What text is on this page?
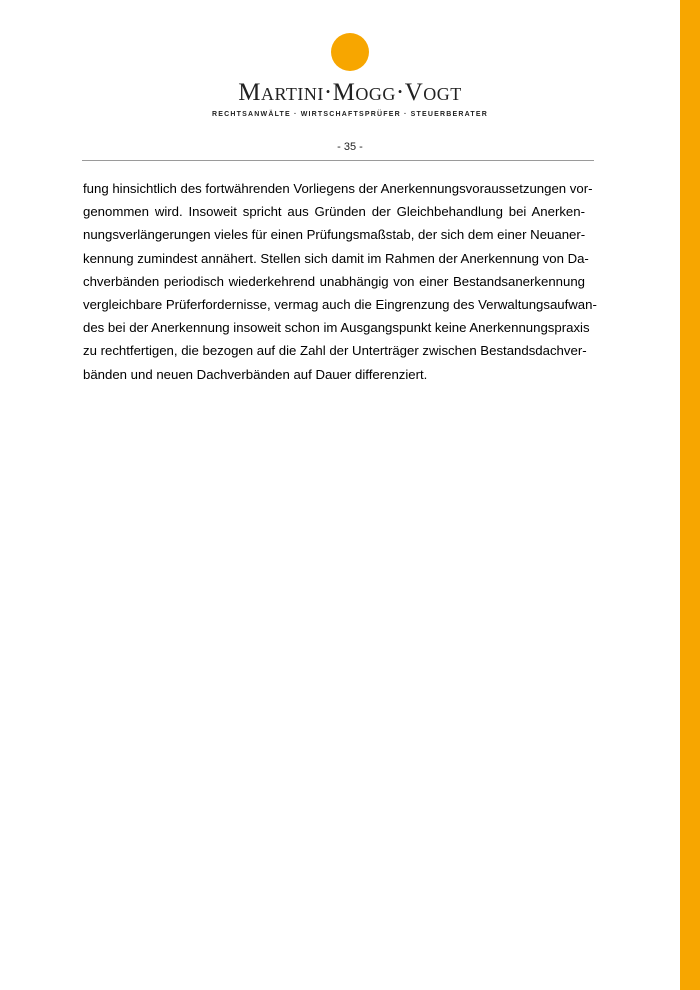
Martini·Mogg·Vogt
RECHTSANWÄLTE · WIRTSCHAFTSPRÜFER · STEUERBERATER
- 35 -
fung hinsichtlich des fortwährenden Vorliegens der Anerkennungsvoraussetzungen vor-
genommen wird. Insoweit spricht aus Gründen der Gleichbehandlung bei Anerken-
nungsverlängerungen vieles für einen Prüfungsmaßstab, der sich dem einer Neuaner-
kennung zumindest annähert. Stellen sich damit im Rahmen der Anerkennung von Da-
chverbänden periodisch wiederkehrend unabhängig von einer Bestandsanerkennung
vergleichbare Prüferfordernisse, vermag auch die Eingrenzung des Verwaltungsaufwan-
des bei der Anerkennung insoweit schon im Ausgangspunkt keine Anerkennungspraxis
zu rechtfertigen, die bezogen auf die Zahl der Unterträger zwischen Bestandsdachver-
bänden und neuen Dachverbänden auf Dauer differenziert.
